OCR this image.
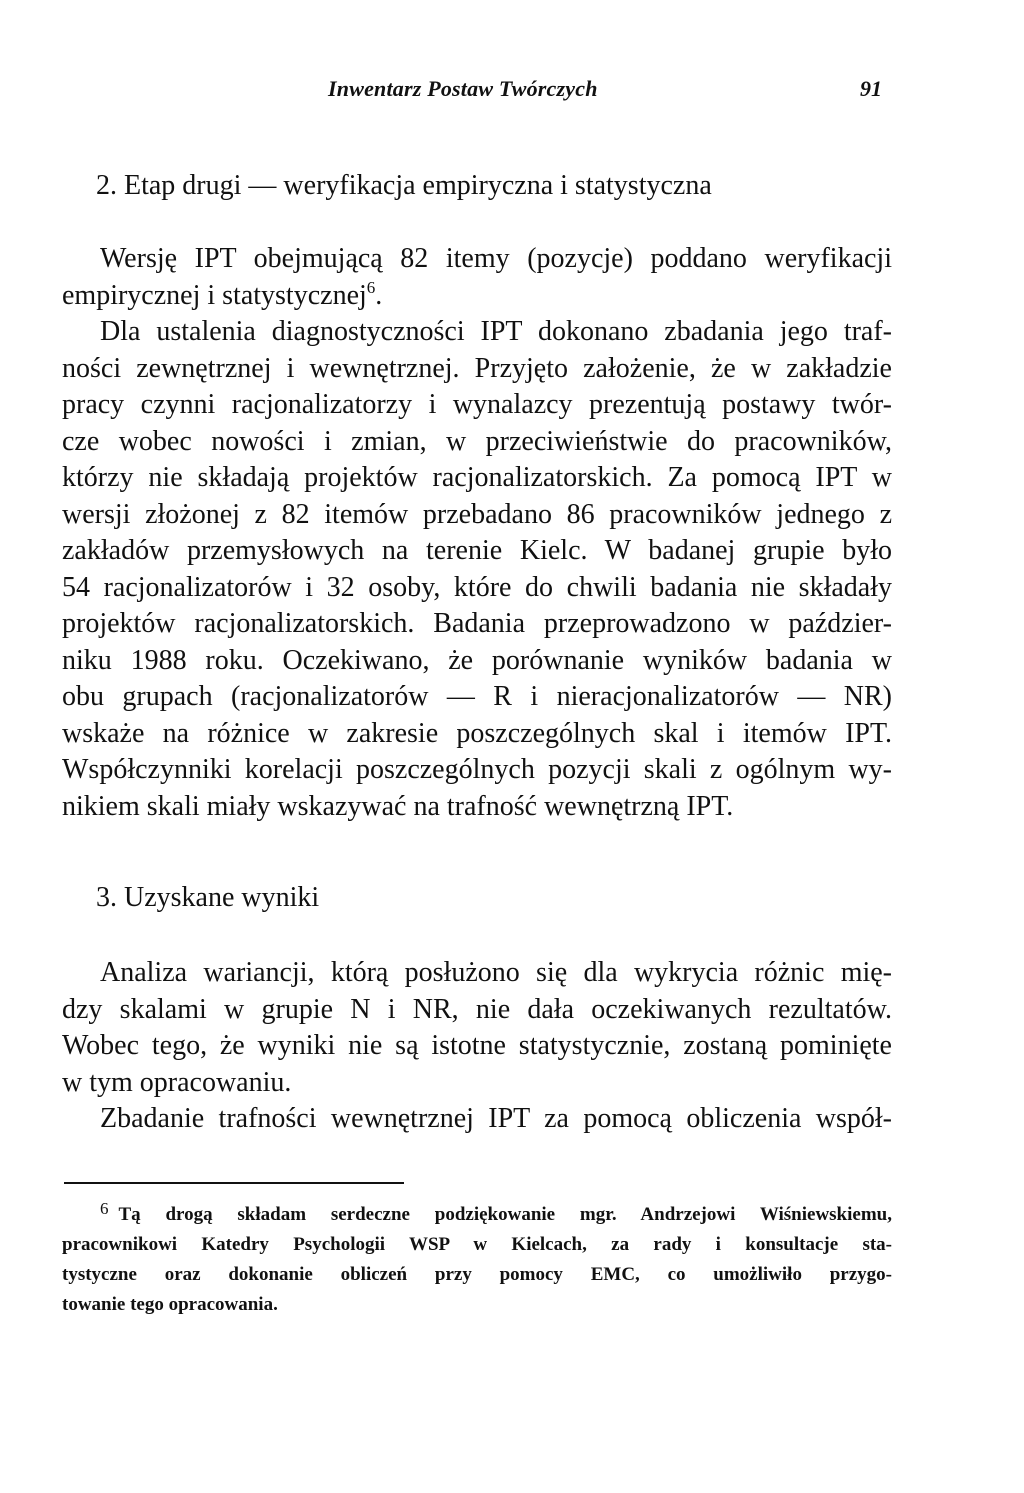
Inwentarz Postaw Twórczych	91
2. Etap drugi — weryfikacja empiryczna i statystyczna
Wersję IPT obejmującą 82 itemy (pozycje) poddano weryfikacji
empirycznej i statystycznej$^6$.
Dla ustalenia diagnostyczności IPT dokonano zbadania jego traf-
ności zewnętrznej i wewnętrznej. Przyjęto założenie, że w zakładzie
pracy czynni racjonalizatorzy i wynalazcy prezentują postawy twór-
cze wobec nowości i zmian, w przeciwieństwie do pracowników,
którzy nie składają projektów racjonalizatorskich. Za pomocą IPT w
wersji złożonej z 82 itemów przebadano 86 pracowników jednego z
zakładów przemysłowych na terenie Kielc. W badanej grupie było
54 racjonalizatorów i 32 osoby, które do chwili badania nie składały
projektów racjonalizatorskich. Badania przeprowadzono w paździer-
niku 1988 roku. Oczekiwano, że porównanie wyników badania w
obu grupach (racjonalizatorów — R i nieracjonalizatorów — NR)
wskaże na różnice w zakresie poszczególnych skal i itemów IPT.
Współczynniki korelacji poszczególnych pozycji skali z ogólnym wy-
nikiem skali miały wskazywać na trafność wewnętrzną IPT.
3. Uzyskane wyniki
Analiza wariancji, którą posłużono się dla wykrycia różnic mię-
dzy skalami w grupie N i NR, nie dała oczekiwanych rezultatów.
Wobec tego, że wyniki nie są istotne statystycznie, zostaną pominięte
w tym opracowaniu.
Zbadanie trafności wewnętrznej IPT za pomocą obliczenia współ-
6 Tą drogą składam serdeczne podziękowanie mgr. Andrzejowi Wiśniewskiemu,
pracownikowi Katedry Psychologii WSP w Kielcach, za rady i konsultacje sta-
tystyczne oraz dokonanie obliczeń przy pomocy EMC, co umożliwiło przygo-
towanie tego opracowania.
